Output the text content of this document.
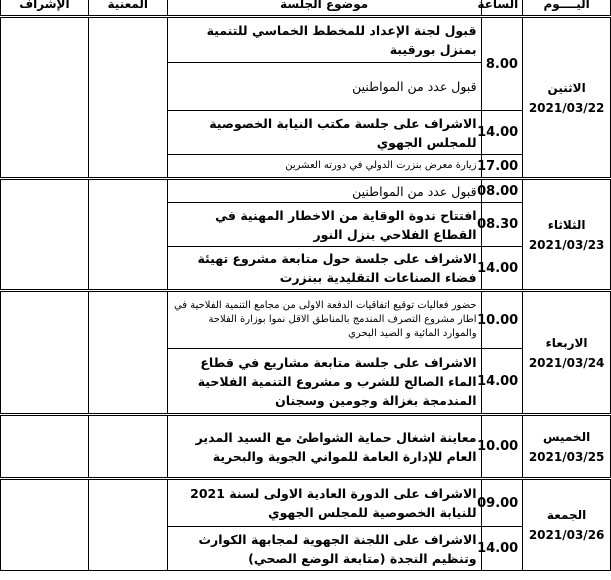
اليــــوم	الساعة	موضوع الجلسة	المعنية	الإشراف

الاثنين
2021/03/22	8.00	قبول لجنة الإعداد للمخطط الخماسي للتنمية بمنزل بورقيبة		
		قبول عدد من المواطنين		
	14.00	الاشراف على جلسة مكتب النيابة الخصوصية للمجلس الجهوي		
	17.00	زيارة معرض بنزرت الدولي في دورته العشرين		

الثلاثاء
2021/03/23	08.00	قبول عدد من المواطنين		
	08.30	افتتاح ندوة الوقاية من الاخطار المهنية في القطاع الفلاحي بنزل النور		
	14.00	الاشراف على جلسة حول متابعة مشروع تهيئة فضاء الصناعات التقليدية ببنزرت		

الاربعاء
2021/03/24	10.00	حضور فعاليات توقيع اتفاقيات الدفعة الاولى من مجامع التنمية الفلاحية في اطار مشروع التصرف المندمج بالمناطق الاقل نموا بوزارة الفلاحة والموارد المائية و الصيد البحري		
	14.00	الاشراف على جلسة متابعة مشاريع في قطاع الماء الصالح للشرب و مشروع التنمية الفلاحية المندمجة بغزالة وجومين وسجنان		

الخميس
2021/03/25	10.00	معاينة اشغال حماية الشواطئ مع السيد المدير العام للإدارة العامة للمواني الجوية والبحرية		

الجمعة
2021/03/26	09.00	الاشراف على الدورة العادية الاولى لسنة 2021 للنيابة الخصوصية للمجلس الجهوي		
	14.00	الاشراف على اللجنة الجهوية لمجابهة الكوارث وتنظيم النجدة (متابعة الوضع الصحي)		
